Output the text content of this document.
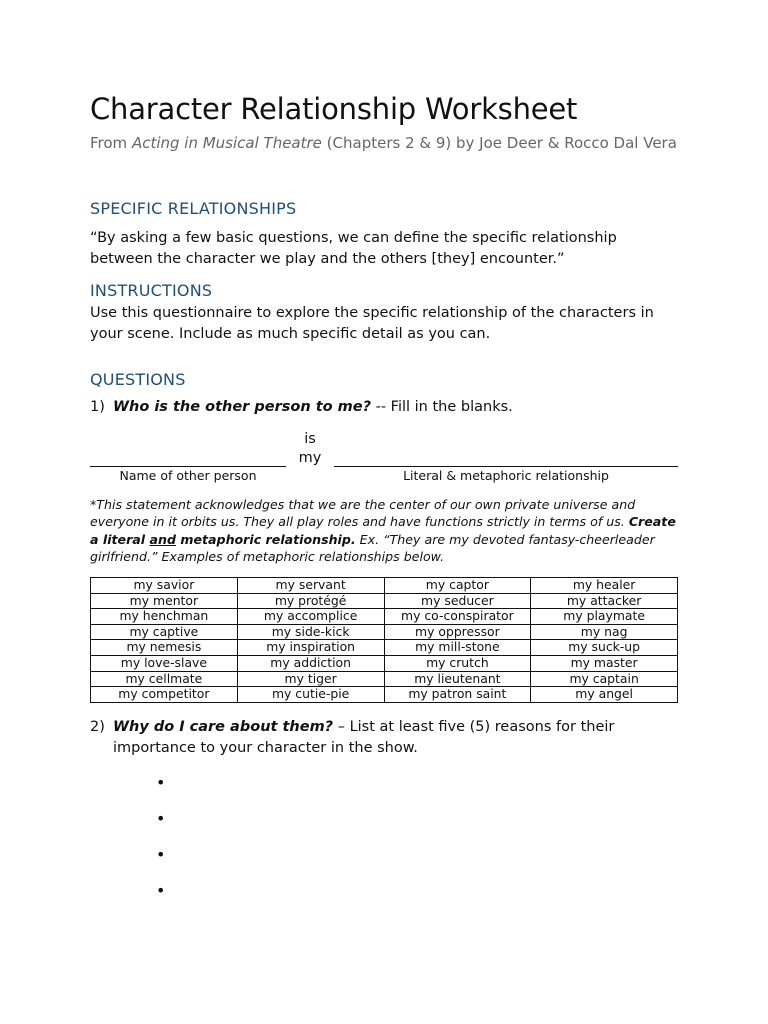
Character Relationship Worksheet
From Acting in Musical Theatre (Chapters 2 & 9) by Joe Deer & Rocco Dal Vera
SPECIFIC RELATIONSHIPS
“By asking a few basic questions, we can define the specific relationship between the character we play and the others [they] encounter.”
INSTRUCTIONS
Use this questionnaire to explore the specific relationship of the characters in your scene. Include as much specific detail as you can.
QUESTIONS
1) Who is the other person to me? -- Fill in the blanks.
Name of other person
is
my
Literal & metaphoric relationship
*This statement acknowledges that we are the center of our own private universe and everyone in it orbits us. They all play roles and have functions strictly in terms of us. Create a literal and metaphoric relationship. Ex. “They are my devoted fantasy-cheerleader girlfriend.” Examples of metaphoric relationships below.
my savior	my servant	my captor	my healer
my mentor	my protégé	my seducer	my attacker
my henchman	my accomplice	my co-conspirator	my playmate
my captive	my side-kick	my oppressor	my nag
my nemesis	my inspiration	my mill-stone	my suck-up
my love-slave	my addiction	my crutch	my master
my cellmate	my tiger	my lieutenant	my captain
my competitor	my cutie-pie	my patron saint	my angel
2) Why do I care about them? – List at least five (5) reasons for their importance to your character in the show.
•
•
•
•
